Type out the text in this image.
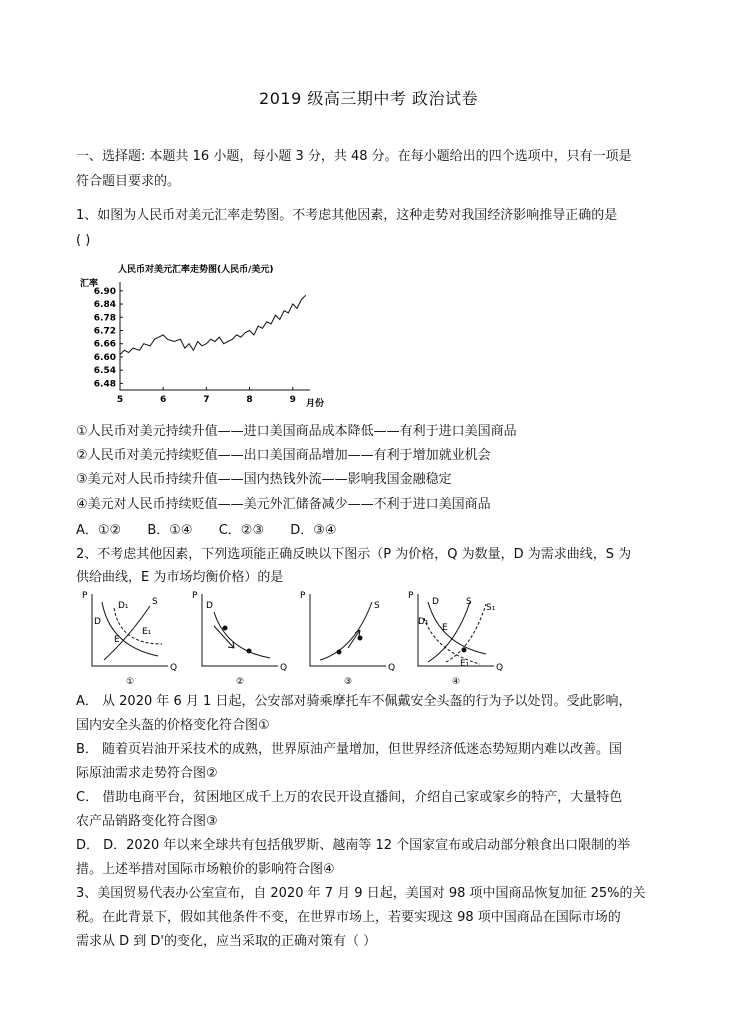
2019 级高三期中考 政治试卷
一、选择题: 本题共 16 小题，每小题 3 分，共 48 分。在每小题给出的四个选项中，只有一项是
符合题目要求的。
1、如图为人民币对美元汇率走势图。不考虑其他因素，这种走势对我国经济影响推导正确的是
( )
人民币对美元汇率走势图(人民币/美元)
汇率
月份
6.90
6.84
6.78
6.72
6.66
6.60
6.54
6.48
5	6	7	8	9
①人民币对美元持续升值——进口美国商品成本降低——有利于进口美国商品
②人民币对美元持续贬值——出口美国商品增加——有利于增加就业机会
③美元对人民币持续升值——国内热钱外流——影响我国金融稳定
④美元对人民币持续贬值——美元外汇储备减少——不利于进口美国商品
A．①② B．①④ C．②③ D．③④
2、不考虑其他因素，下列选项能正确反映以下图示（P 为价格，Q 为数量，D 为需求曲线，S 为
供给曲线，E 为市场均衡价格）的是
P
Q
D
D₁	S
E
E₁
①
P
Q
D
②
P
Q
S
③
P
Q
D
D₁
S
S₁
E
E₁
④
A． 从 2020 年 6 月 1 日起，公安部对骑乘摩托车不佩戴安全头盔的行为予以处罚。受此影响，
国内安全头盔的价格变化符合图①
B． 随着页岩油开采技术的成熟，世界原油产量增加，但世界经济低迷态势短期内难以改善。国
际原油需求走势符合图②
C． 借助电商平台，贫困地区成千上万的农民开设直播间，介绍自己家或家乡的特产，大量特色
农产品销路变化符合图③
D． D．2020 年以来全球共有包括俄罗斯、越南等 12 个国家宣布或启动部分粮食出口限制的举
措。上述举措对国际市场粮价的影响符合图④
3、美国贸易代表办公室宣布，自 2020 年 7 月 9 日起，美国对 98 项中国商品恢复加征 25%的关
税。在此背景下，假如其他条件不变，在世界市场上，若要实现这 98 项中国商品在国际市场的
需求从 D 到 D'的变化，应当采取的正确对策有（ ）
